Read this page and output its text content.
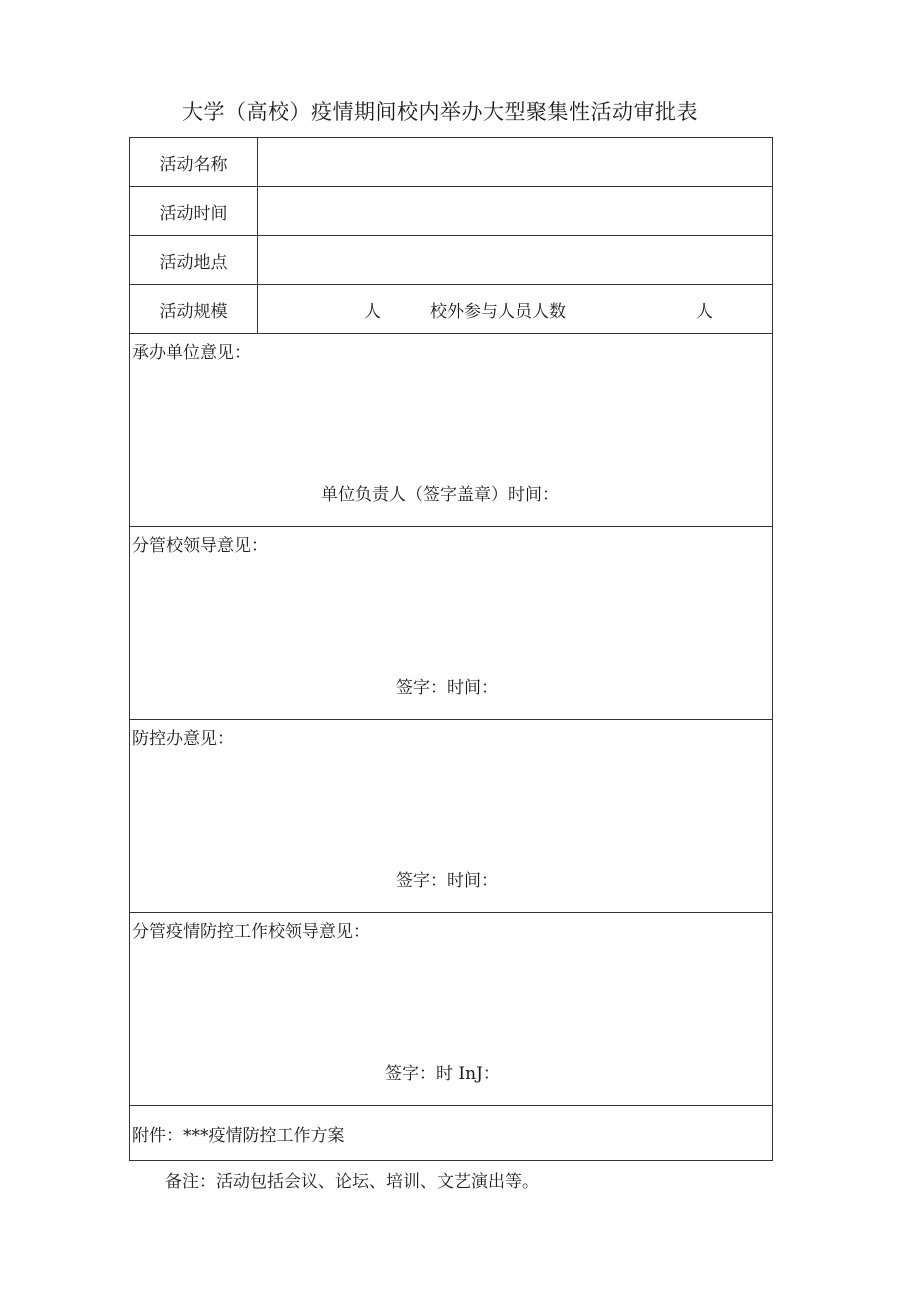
大学（高校）疫情期间校内举办大型聚集性活动审批表
活动名称	
活动时间	
活动地点	
活动规模	人 校外参与人员人数 人

承办单位意见：
单位负责人（签字盖章）时间：	

分管校领导意见：
签字：时间：	

防控办意见：
签字：时间：	

分管疫情防控工作校领导意见：
签字：时 InJ：	

附件：***疫情防控工作方案	
备注：活动包括会议、论坛、培训、文艺演出等。
